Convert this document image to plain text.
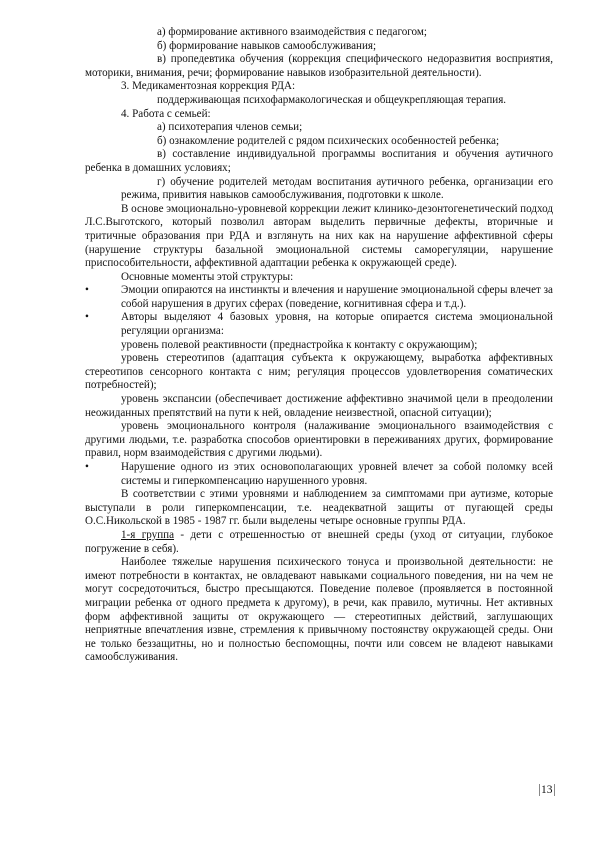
а) формирование активного взаимодействия с педагогом;

б) формирование навыков самообслуживания;

в) пропедевтика обучения (коррекция специфического недоразвития восприятия, моторики, внимания, речи; формирование навыков изобразительной деятельности).

3. Медикаментозная коррекция РДА:

поддерживающая психофармакологическая и общеукрепляющая терапия.

4. Работа с семьей:

а) психотерапия членов семьи;

б) ознакомление родителей с рядом психических особенностей ребенка;

в) составление индивидуальной программы воспитания и обучения аутичного ребенка в домашних условиях;

г) обучение родителей методам воспитания аутичного ребенка, организации его режима, привития навыков самообслуживания, подготовки к школе.

В основе эмоционально-уровневой коррекции лежит клинико-дезонтогенетический подход Л.С.Выготского, который позволил авторам выделить первичные дефекты, вторичные и тритичные образования при РДА и взглянуть на них как на нарушение аффективной сферы (нарушение структуры базальной эмоциональной системы саморегуляции, нарушение приспособительности, аффективной адаптации ребенка к окружающей среде).

Основные моменты этой структуры:

•	Эмоции опираются на инстинкты и влечения и нарушение эмоциональной сферы влечет за собой нарушения в других сферах (поведение, когнитивная сфера и т.д.).

•	Авторы выделяют 4 базовых уровня, на которые опирается система эмоциональной регуляции организма:

уровень полевой реактивности (преднастройка к контакту с окружающим);

уровень стереотипов (адаптация субъекта к окружающему, выработка аффективных стереотипов сенсорного контакта с ним; регуляция процессов удовлетворения соматических потребностей);

уровень экспансии (обеспечивает достижение аффективно значимой цели в преодолении неожиданных препятствий на пути к ней, овладение неизвестной, опасной ситуации);

уровень эмоционального контроля (налаживание эмоционального взаимодействия с другими людьми, т.е. разработка способов ориентировки в переживаниях других, формирование правил, норм взаимодействия с другими людьми).

•	Нарушение одного из этих основополагающих уровней влечет за собой поломку всей системы и гиперкомпенсацию нарушенного уровня.

В соответствии с этими уровнями и наблюдением за симптомами при аутизме, которые выступали в роли гиперкомпенсации, т.е. неадекватной защиты от пугающей среды О.С.Никольской в 1985 - 1987 гг. были выделены четыре основные группы РДА.

1-я группа - дети с отрешенностью от внешней среды (уход от ситуации, глубокое погружение в себя).

Наиболее тяжелые нарушения психического тонуса и произвольной деятельности: не имеют потребности в контактах, не овладевают навыками социального поведения, ни на чем не могут сосредоточиться, быстро пресыщаются. Поведение полевое (проявляется в постоянной миграции ребенка от одного предмета к другому), в речи, как правило, мутичны. Нет активных форм аффективной защиты от окружающего — стереотипных действий, заглушающих неприятные впечатления извне, стремления к привычному постоянству окружающей среды. Они не только беззащитны, но и полностью беспомощны, почти или совсем не владеют навыками самообслуживания.

13
